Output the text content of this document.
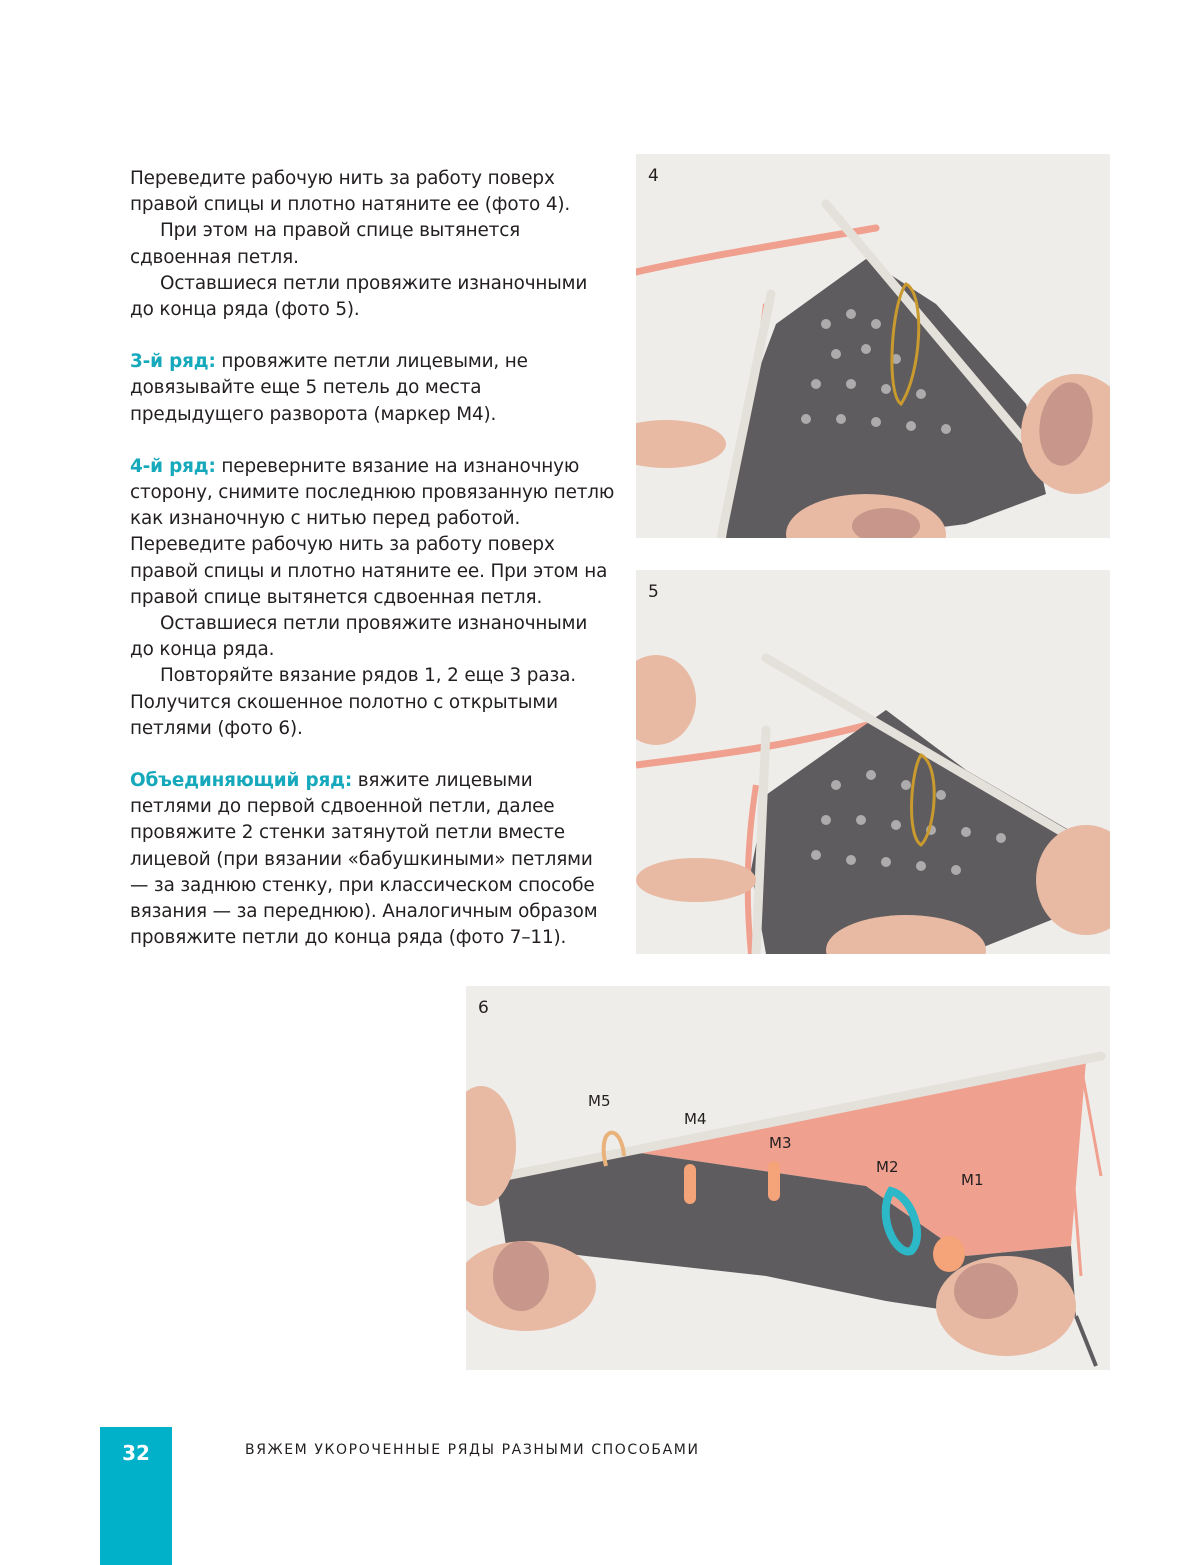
Переведите рабочую нить за работу поверх правой спицы и плотно натяните ее (фото 4).

При этом на правой спице вытянется сдвоенная петля.

Оставшиеся петли провяжите изнаночными до конца ряда (фото 5).

3-й ряд: провяжите петли лицевыми, не довязывайте еще 5 петель до места предыдущего разворота (маркер М4).

4-й ряд: переверните вязание на изнаночную сторону, снимите последнюю провязанную петлю как изнаночную с нитью перед работой. Переведите рабочую нить за работу поверх правой спицы и плотно натяните ее. При этом на правой спице вытянется сдвоенная петля.

Оставшиеся петли провяжите изнаночными до конца ряда.

Повторяйте вязание рядов 1, 2 еще 3 раза. Получится скошенное полотно с открытыми петлями (фото 6).

Объединяющий ряд: вяжите лицевыми петлями до первой сдвоенной петли, далее провяжите 2 стенки затянутой петли вместе лицевой (при вязании «бабушкиными» петлями — за заднюю стенку, при классическом способе вязания — за переднюю). Аналогичным образом провяжите петли до конца ряда (фото 7–11).

4
5
6
М5
М4
М3
М2
М1
32	ВЯЖЕМ УКОРОЧЕННЫЕ РЯДЫ РАЗНЫМИ СПОСОБАМИ
